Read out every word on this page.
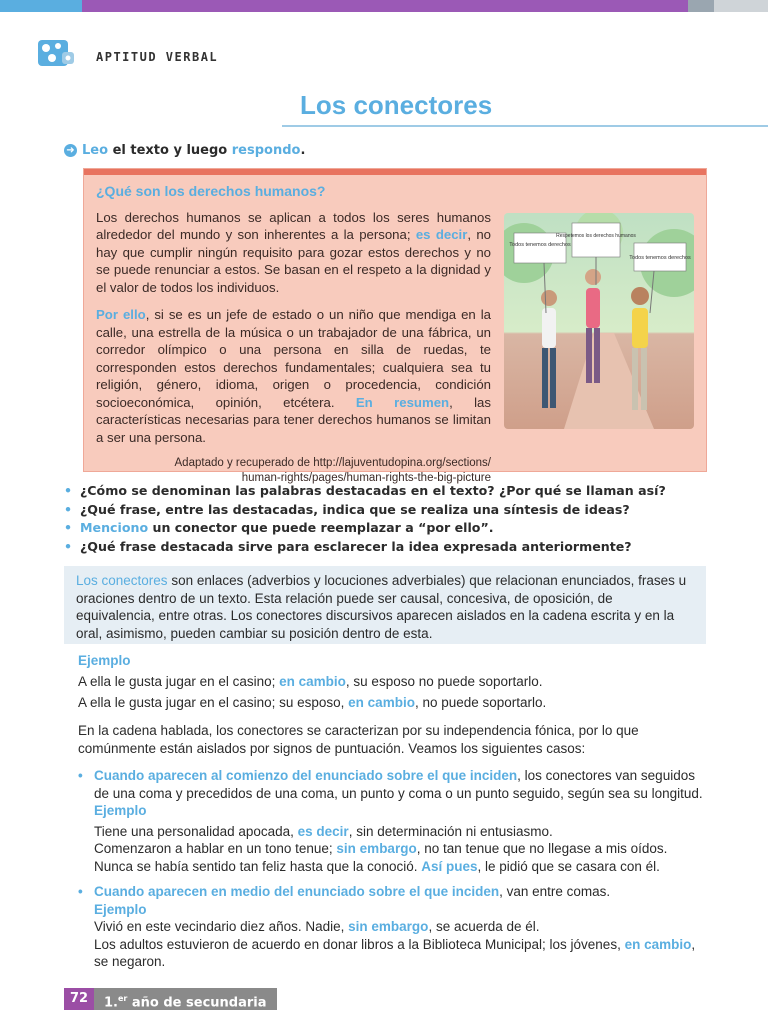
APTITUD VERBAL
Los conectores
➜ Leo el texto y luego respondo.
¿Qué son los derechos humanos?

Los derechos humanos se aplican a todos los seres humanos alrededor del mundo y son inherentes a la persona; es decir, no hay que cumplir ningún requisito para gozar estos derechos y no se puede renunciar a estos. Se basan en el respeto a la dignidad y el valor de todos los individuos.

Por ello, si se es un jefe de estado o un niño que mendiga en la calle, una estrella de la música o un trabajador de una fábrica, un corredor olímpico o una persona en silla de ruedas, te corresponden estos derechos fundamentales; cualquiera sea tu religión, género, idioma, origen o procedencia, condición socioeconómica, opinión, etcétera. En resumen, las características necesarias para tener derechos humanos se limitan a ser una persona.

Adaptado y recuperado de http://lajuventudopina.org/sections/
human-rights/pages/human-rights-the-big-picture
Todos tenemos derechos
Respetemos los derechos humanos
Todos tenemos derechos
• ¿Cómo se denominan las palabras destacadas en el texto? ¿Por qué se llaman así?
• ¿Qué frase, entre las destacadas, indica que se realiza una síntesis de ideas?
• Menciono un conector que puede reemplazar a “por ello”.
• ¿Qué frase destacada sirve para esclarecer la idea expresada anteriormente?
Los conectores son enlaces (adverbios y locuciones adverbiales) que relacionan enunciados, frases u oraciones dentro de un texto. Esta relación puede ser causal, concesiva, de oposición, de equivalencia, entre otras. Los conectores discursivos aparecen aislados en la cadena escrita y en la oral, asimismo, pueden cambiar su posición dentro de esta.
Ejemplo
A ella le gusta jugar en el casino; en cambio, su esposo no puede soportarlo.
A ella le gusta jugar en el casino; su esposo, en cambio, no puede soportarlo.
En la cadena hablada, los conectores se caracterizan por su independencia fónica, por lo que comúnmente están aislados por signos de puntuación. Veamos los siguientes casos:
• Cuando aparecen al comienzo del enunciado sobre el que inciden, los conectores van seguidos de una coma y precedidos de una coma, un punto y coma o un punto seguido, según sea su longitud.
Ejemplo
Tiene una personalidad apocada, es decir, sin determinación ni entusiasmo.
Comenzaron a hablar en un tono tenue; sin embargo, no tan tenue que no llegase a mis oídos.
Nunca se había sentido tan feliz hasta que la conoció. Así pues, le pidió que se casara con él.
• Cuando aparecen en medio del enunciado sobre el que inciden, van entre comas.
Ejemplo
Vivió en este vecindario diez años. Nadie, sin embargo, se acuerda de él.
Los adultos estuvieron de acuerdo en donar libros a la Biblioteca Municipal; los jóvenes, en cambio, se negaron.
72	1.$^{er}$ año de secundaria
